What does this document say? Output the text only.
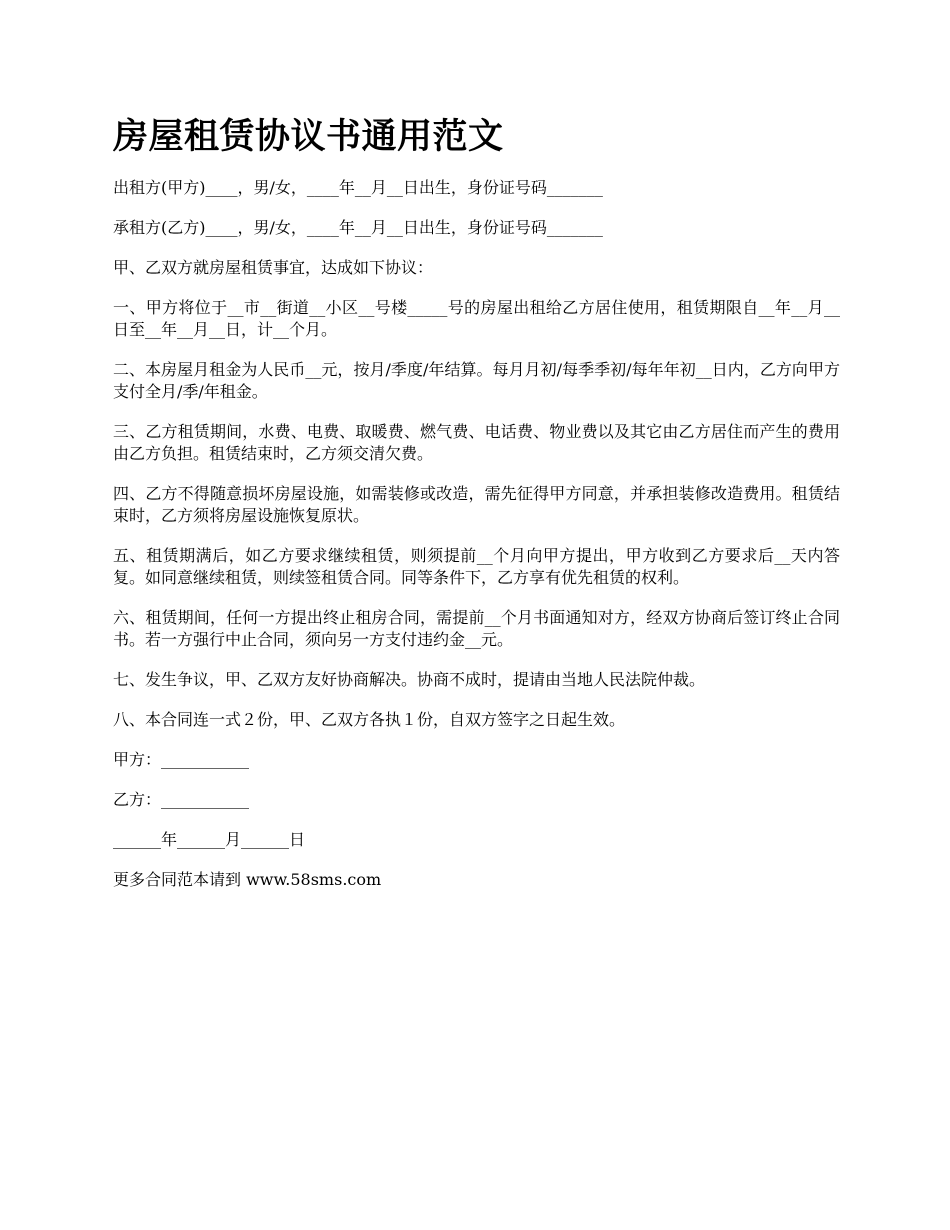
房屋租赁协议书通用范文

出租方(甲方)____，男/女，____年__月__日出生，身份证号码_______

承租方(乙方)____，男/女，____年__月__日出生，身份证号码_______

甲、乙双方就房屋租赁事宜，达成如下协议：

一、甲方将位于__市__街道__小区__号楼_____号的房屋出租给乙方居住使用，租赁期限自__年__月__日至__年__月__日，计__个月。

二、本房屋月租金为人民币__元，按月/季度/年结算。每月月初/每季季初/每年年初__日内，乙方向甲方支付全月/季/年租金。

三、乙方租赁期间，水费、电费、取暖费、燃气费、电话费、物业费以及其它由乙方居住而产生的费用由乙方负担。租赁结束时，乙方须交清欠费。

四、乙方不得随意损坏房屋设施，如需装修或改造，需先征得甲方同意，并承担装修改造费用。租赁结束时，乙方须将房屋设施恢复原状。

五、租赁期满后，如乙方要求继续租赁，则须提前__个月向甲方提出，甲方收到乙方要求后__天内答复。如同意继续租赁，则续签租赁合同。同等条件下，乙方享有优先租赁的权利。

六、租赁期间，任何一方提出终止租房合同，需提前__个月书面通知对方，经双方协商后签订终止合同书。若一方强行中止合同，须向另一方支付违约金__元。

七、发生争议，甲、乙双方友好协商解决。协商不成时，提请由当地人民法院仲裁。

八、本合同连一式２份，甲、乙双方各执１份，自双方签字之日起生效。

甲方：___________

乙方：___________

______年______月______日

更多合同范本请到 www.58sms.com
